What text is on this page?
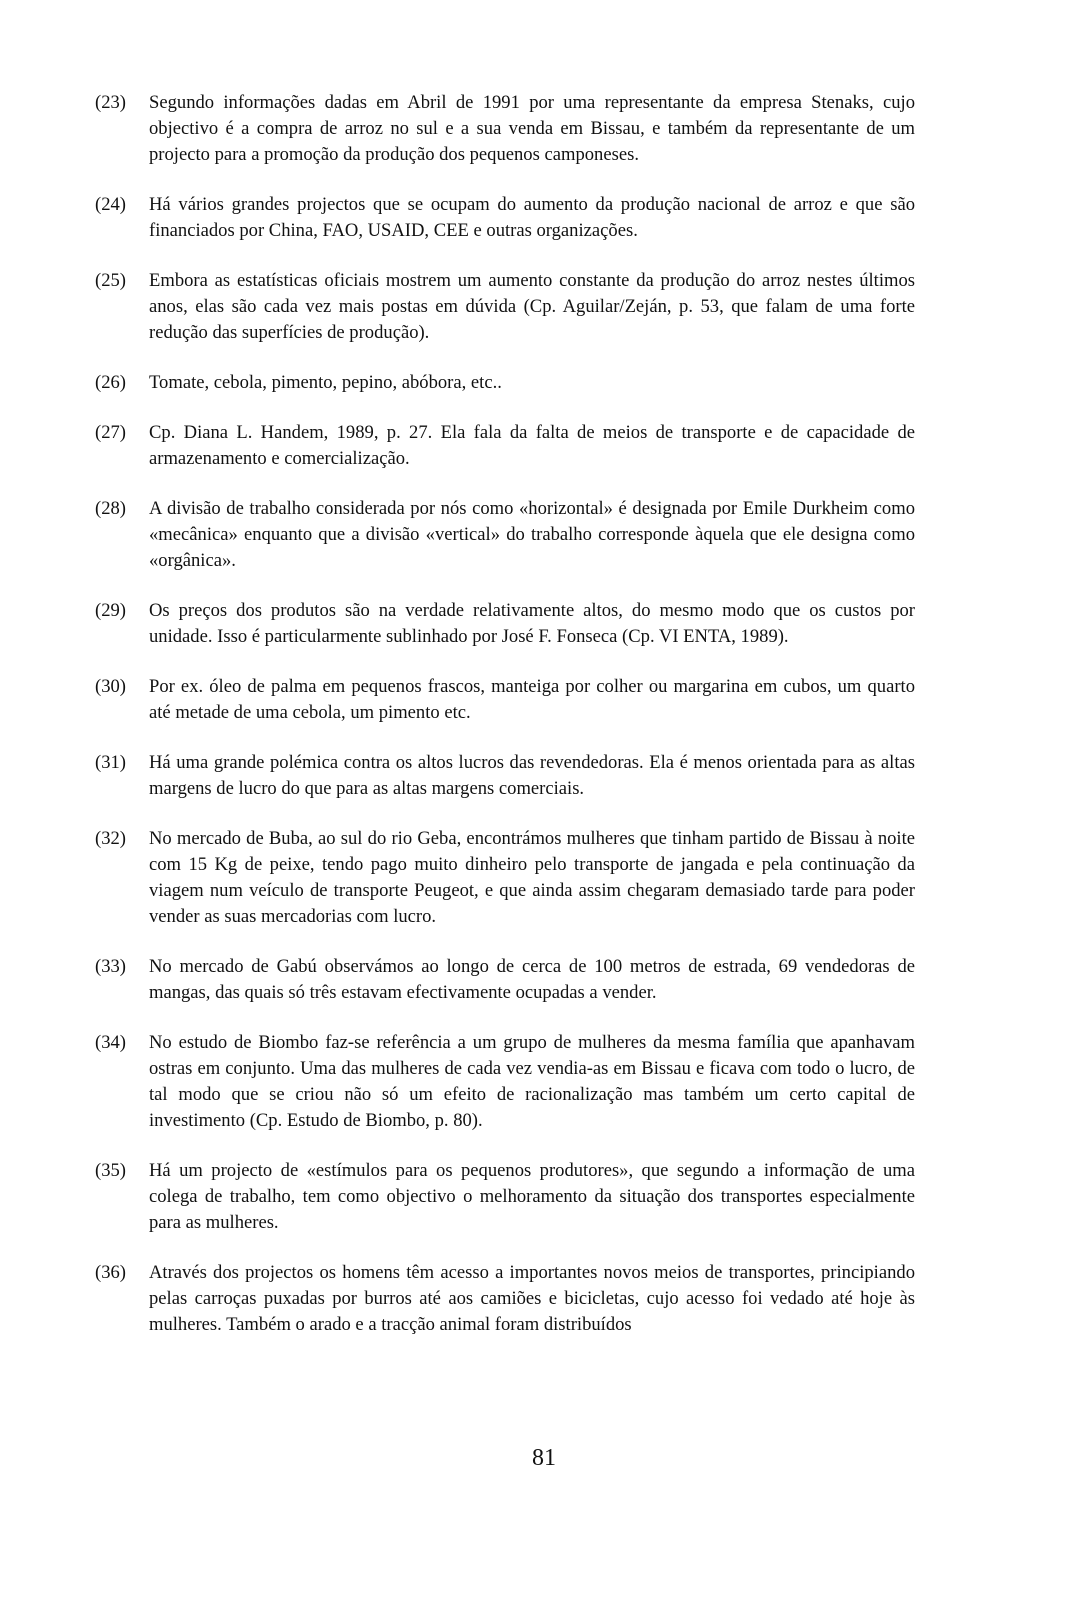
(23)	Segundo informações dadas em Abril de 1991 por uma representante da empresa Stenaks, cujo objectivo é a compra de arroz no sul e a sua venda em Bissau, e também da representante de um projecto para a promoção da produção dos pequenos camponeses.
(24)	Há vários grandes projectos que se ocupam do aumento da produção nacional de arroz e que são financiados por China, FAO, USAID, CEE e outras organizações.
(25)	Embora as estatísticas oficiais mostrem um aumento constante da produção do arroz nestes últimos anos, elas são cada vez mais postas em dúvida (Cp. Aguilar/Zeján, p. 53, que falam de uma forte redução das superfícies de produção).
(26)	Tomate, cebola, pimento, pepino, abóbora, etc..
(27)	Cp. Diana L. Handem, 1989, p. 27. Ela fala da falta de meios de transporte e de capacidade de armazenamento e comercialização.
(28)	A divisão de trabalho considerada por nós como «horizontal» é designada por Emile Durkheim como «mecânica» enquanto que a divisão «vertical» do trabalho corresponde àquela que ele designa como «orgânica».
(29)	Os preços dos produtos são na verdade relativamente altos, do mesmo modo que os custos por unidade. Isso é particularmente sublinhado por José F. Fonseca (Cp. VI ENTA, 1989).
(30)	Por ex. óleo de palma em pequenos frascos, manteiga por colher ou margarina em cubos, um quarto até metade de uma cebola, um pimento etc.
(31)	Há uma grande polémica contra os altos lucros das revendedoras. Ela é menos orientada para as altas margens de lucro do que para as altas margens comerciais.
(32)	No mercado de Buba, ao sul do rio Geba, encontrámos mulheres que tinham partido de Bissau à noite com 15 Kg de peixe, tendo pago muito dinheiro pelo transporte de jangada e pela continuação da viagem num veículo de transporte Peugeot, e que ainda assim chegaram demasiado tarde para poder vender as suas mercadorias com lucro.
(33)	No mercado de Gabú observámos ao longo de cerca de 100 metros de estrada, 69 vendedoras de mangas, das quais só três estavam efectivamente ocupadas a vender.
(34)	No estudo de Biombo faz-se referência a um grupo de mulheres da mesma família que apanhavam ostras em conjunto. Uma das mulheres de cada vez vendia-as em Bissau e ficava com todo o lucro, de tal modo que se criou não só um efeito de racionalização mas também um certo capital de investimento (Cp. Estudo de Biombo, p. 80).
(35)	Há um projecto de «estímulos para os pequenos produtores», que segundo a informação de uma colega de trabalho, tem como objectivo o melhoramento da situação dos transportes especialmente para as mulheres.
(36)	Através dos projectos os homens têm acesso a importantes novos meios de transportes, principiando pelas carroças puxadas por burros até aos camiões e bicicletas, cujo acesso foi vedado até hoje às mulheres. Também o arado e a tracção animal foram distribuídos
81
